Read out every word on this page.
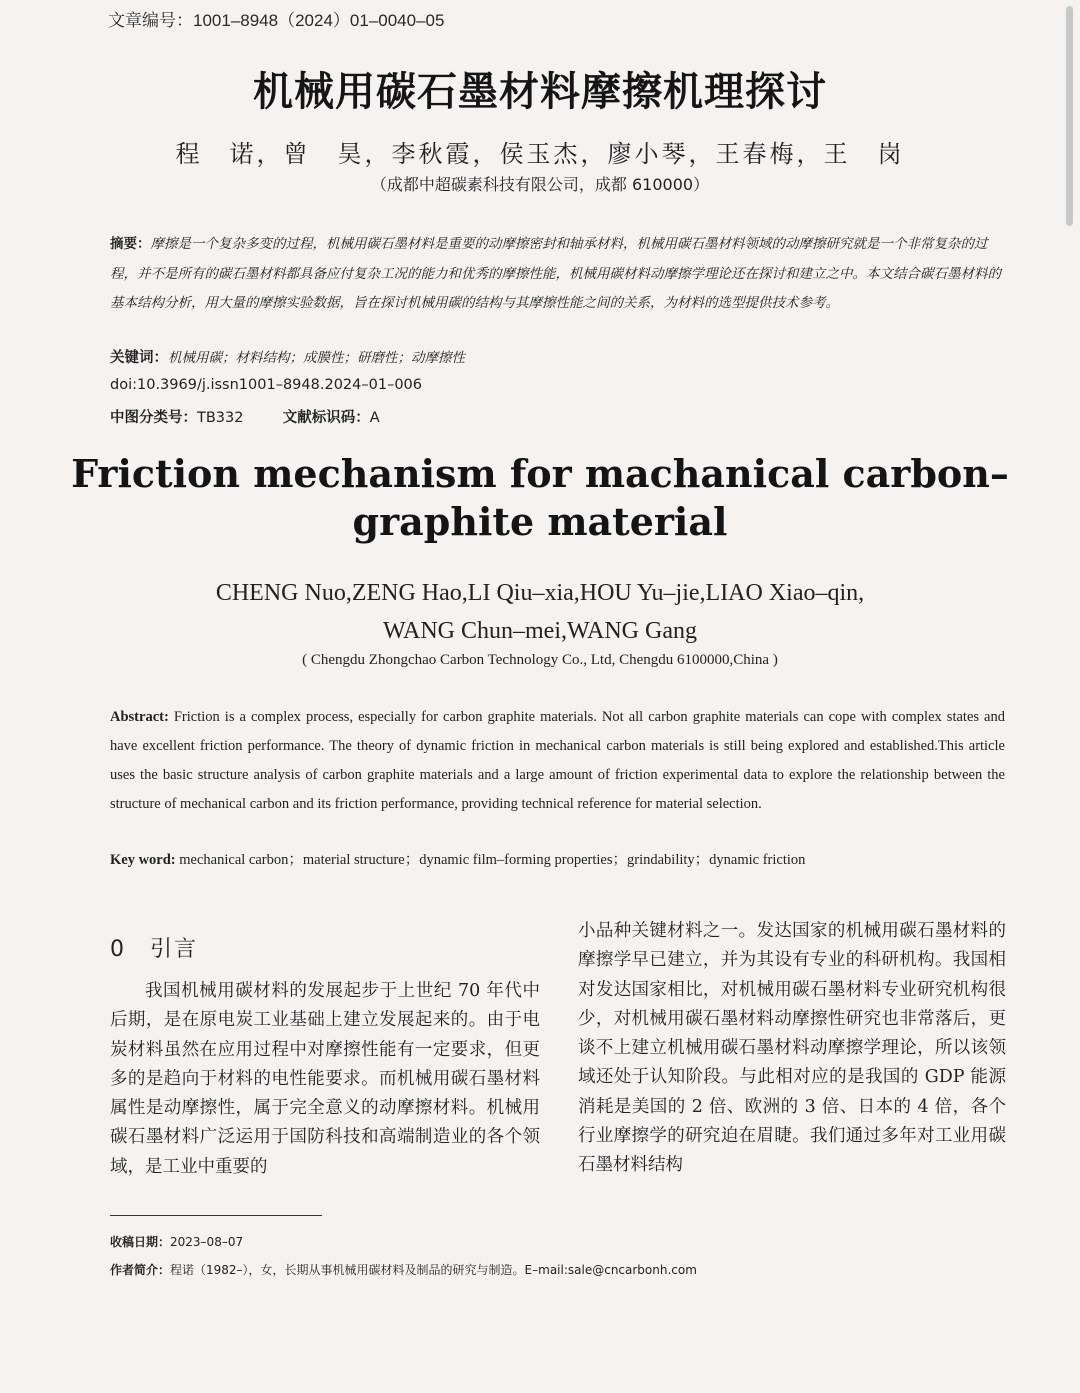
文章编号：1001–8948（2024）01–0040–05
机械用碳石墨材料摩擦机理探讨
程　诺，曾　昊，李秋霞，侯玉杰，廖小琴，王春梅，王　岗
（成都中超碳素科技有限公司，成都 610000）
摘要：摩擦是一个复杂多变的过程，机械用碳石墨材料是重要的动摩擦密封和轴承材料，机械用碳石墨材料领域的动摩擦研究就是一个非常复杂的过程，并不是所有的碳石墨材料都具备应付复杂工况的能力和优秀的摩擦性能，机械用碳材料动摩擦学理论还在探讨和建立之中。本文结合碳石墨材料的基本结构分析，用大量的摩擦实验数据，旨在探讨机械用碳的结构与其摩擦性能之间的关系，为材料的选型提供技术参考。
关键词：机械用碳；材料结构；成膜性；研磨性；动摩擦性
doi:10.3969/j.issn1001–8948.2024–01–006
中图分类号：TB332	文献标识码：A
Friction mechanism for machanical carbon–
graphite material
CHENG Nuo,ZENG Hao,LI Qiu–xia,HOU Yu–jie,LIAO Xiao–qin,
WANG Chun–mei,WANG Gang
( Chengdu Zhongchao Carbon Technology Co., Ltd, Chengdu 6100000,China )
Abstract: Friction is a complex process, especially for carbon graphite materials. Not all carbon graphite materials can cope with complex states and have excellent friction performance. The theory of dynamic friction in mechanical carbon materials is still being explored and established.This article uses the basic structure analysis of carbon graphite materials and a large amount of friction experimental data to explore the relationship between the structure of mechanical carbon and its friction performance, providing technical reference for material selection.
Key word: mechanical carbon；material structure；dynamic film–forming properties；grindability；dynamic friction
0　引言
我国机械用碳材料的发展起步于上世纪 70 年代中后期，是在原电炭工业基础上建立发展起来的。由于电炭材料虽然在应用过程中对摩擦性能有一定要求，但更多的是趋向于材料的电性能要求。而机械用碳石墨材料属性是动摩擦性，属于完全意义的动摩擦材料。机械用碳石墨材料广泛运用于国防科技和高端制造业的各个领域，是工业中重要的
小品种关键材料之一。发达国家的机械用碳石墨材料的摩擦学早已建立，并为其设有专业的科研机构。我国相对发达国家相比，对机械用碳石墨材料专业研究机构很少，对机械用碳石墨材料动摩擦性研究也非常落后，更谈不上建立机械用碳石墨材料动摩擦学理论，所以该领域还处于认知阶段。与此相对应的是我国的 GDP 能源消耗是美国的 2 倍、欧洲的 3 倍、日本的 4 倍，各个行业摩擦学的研究迫在眉睫。我们通过多年对工业用碳石墨材料结构
收稿日期：2023–08–07
作者简介：程诺（1982–），女，长期从事机械用碳材料及制品的研究与制造。E–mail:sale@cncarbonh.com
